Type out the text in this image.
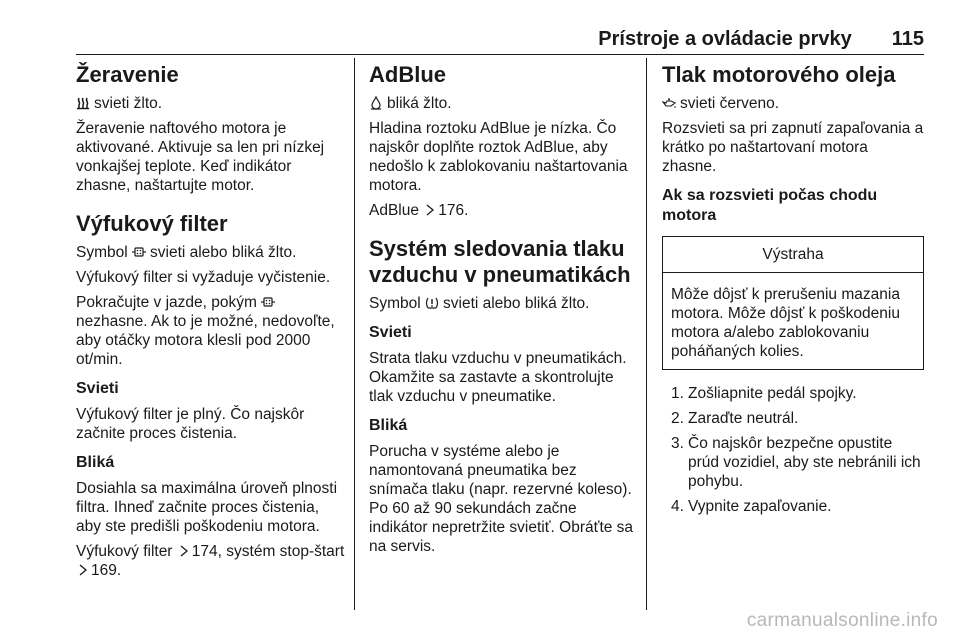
Prístroje a ovládacie prvky 115
Žeravenie

svieti žlto.

Žeravenie naftového motora je aktivované. Aktivuje sa len pri nízkej vonkajšej teplote. Keď indikátor zhasne, naštartujte motor.

Výfukový filter

Symbol svieti alebo bliká žlto.

Výfukový filter si vyžaduje vyčistenie.

Pokračujte v jazde, pokým
nezhasne. Ak to je možné, nedovoľte, aby otáčky motora klesli pod 2000 ot/min.

Svieti

Výfukový filter je plný. Čo najskôr začnite proces čistenia.

Bliká

Dosiahla sa maximálna úroveň plnosti filtra. Ihneď začnite proces čistenia, aby ste predišli poškodeniu motora.

Výfukový filter 174, systém stop-štart
169.

AdBlue

bliká žlto.

Hladina roztoku AdBlue je nízka. Čo najskôr doplňte roztok AdBlue, aby nedošlo k zablokovaniu naštartovania motora.

AdBlue 176.

Systém sledovania tlaku vzduchu v pneumatikách

Symbol svieti alebo bliká žlto.

Svieti

Strata tlaku vzduchu v pneumatikách. Okamžite sa zastavte a skontrolujte tlak vzduchu v pneumatike.

Bliká

Porucha v systéme alebo je namontovaná pneumatika bez snímača tlaku (napr. rezervné koleso). Po 60 až 90 sekundách začne indikátor nepretržite svietiť. Obráťte sa na servis.

Tlak motorového oleja

svieti červeno.

Rozsvieti sa pri zapnutí zapaľovania a krátko po naštartovaní motora zhasne.

Ak sa rozsvieti počas chodu motora
Výstraha
Môže dôjsť k prerušeniu mazania motora. Môže dôjsť k poškodeniu motora a/alebo zablokovaniu poháňaných kolies.
1. Zošliapnite pedál spojky.
2. Zaraďte neutrál.
3. Čo najskôr bezpečne opustite prúd vozidiel, aby ste nebránili ich pohybu.
4. Vypnite zapaľovanie.
carmanualsonline.info
